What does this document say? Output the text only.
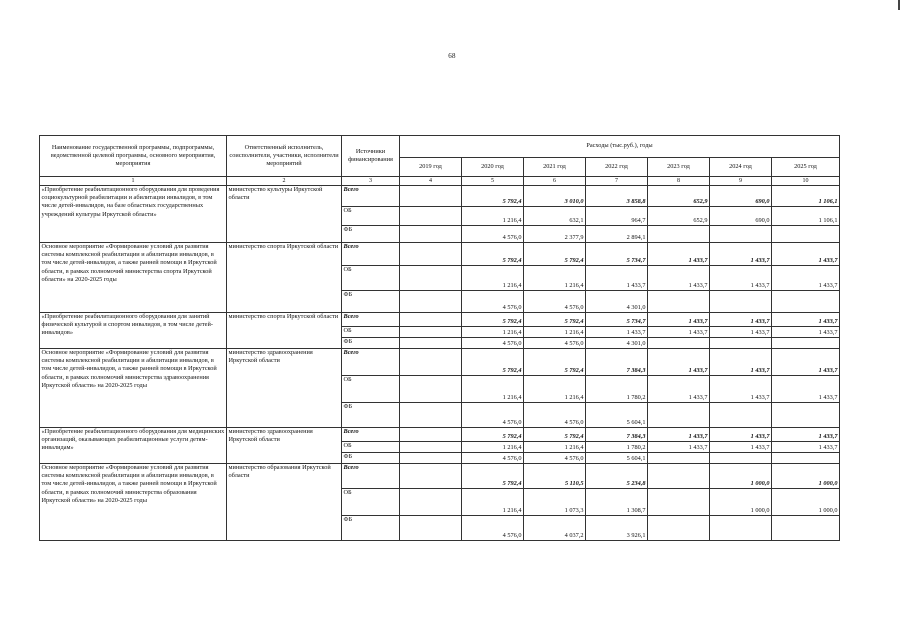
68
Наименование государственной программы, подпрограммы, ведомственной целевой программы, основного мероприятия, мероприятия	Ответственный исполнитель, соисполнители, участники, исполнители мероприятий	Источники финансирования	Расходы (тыс.руб.), годы						
			2019 год	2020 год	2021 год	2022 год	2023 год	2024 год	2025 год
1	2	3	4	5	6	7	8	9	10
«Приобретение реабилитационного оборудования для проведения социокультурной реабилитации и абилитации инвалидов, в том числе детей-инвалидов, на базе областных государственных учреждений культуры Иркутской области»	министерство культуры Иркутской области	Всего		5 792,4	3 010,0	3 858,8	652,9	690,0	1 106,1
		ОБ		1 216,4	632,1	964,7	652,9	690,0	1 106,1
		ФБ		4 576,0	2 377,9	2 894,1			
Основное мероприятие «Формирование условий для развития системы комплексной реабилитации и абилитации инвалидов, в том числе детей-инвалидов, а также ранней помощи в Иркутской области, в рамках полномочий министерства спорта Иркутской области» на 2020-2025 годы	министерство спорта Иркутской области	Всего		5 792,4	5 792,4	5 734,7	1 433,7	1 433,7	1 433,7
		ОБ		1 216,4	1 216,4	1 433,7	1 433,7	1 433,7	1 433,7
		ФБ		4 576,0	4 576,0	4 301,0			
«Приобретение реабилитационного оборудования для занятий физической культурой и спортом инвалидов, в том числе детей-инвалидов»	министерство спорта Иркутской области	Всего		5 792,4	5 792,4	5 734,7	1 433,7	1 433,7	1 433,7
		ОБ		1 216,4	1 216,4	1 433,7	1 433,7	1 433,7	1 433,7
		ФБ		4 576,0	4 576,0	4 301,0			
Основное мероприятие «Формирование условий для развития системы комплексной реабилитации и абилитации инвалидов, в том числе детей-инвалидов, а также ранней помощи в Иркутской области, в рамках полномочий министерства здравоохранения Иркутской области» на 2020-2025 годы	министерство здравоохранения Иркутской области	Всего		5 792,4	5 792,4	7 384,3	1 433,7	1 433,7	1 433,7
		ОБ		1 216,4	1 216,4	1 780,2	1 433,7	1 433,7	1 433,7
		ФБ		4 576,0	4 576,0	5 604,1			
«Приобретение реабилитационного оборудования для медицинских организаций, оказывающих реабилитационные услуги детям-инвалидам»	министерство здравоохранения Иркутской области	Всего		5 792,4	5 792,4	7 384,3	1 433,7	1 433,7	1 433,7
		ОБ		1 216,4	1 216,4	1 780,2	1 433,7	1 433,7	1 433,7
		ФБ		4 576,0	4 576,0	5 604,1			
Основное мероприятие «Формирование условий для развития системы комплексной реабилитации и абилитации инвалидов, в том числе детей-инвалидов, а также ранней помощи в Иркутской области, в рамках полномочий министерства образования Иркутской области» на 2020-2025 годы	министерство образования Иркутской области	Всего		5 792,4	5 110,5	5 234,8		1 000,0	1 000,0
		ОБ		1 216,4	1 073,3	1 308,7		1 000,0	1 000,0
		ФБ		4 576,0	4 037,2	3 926,1			
